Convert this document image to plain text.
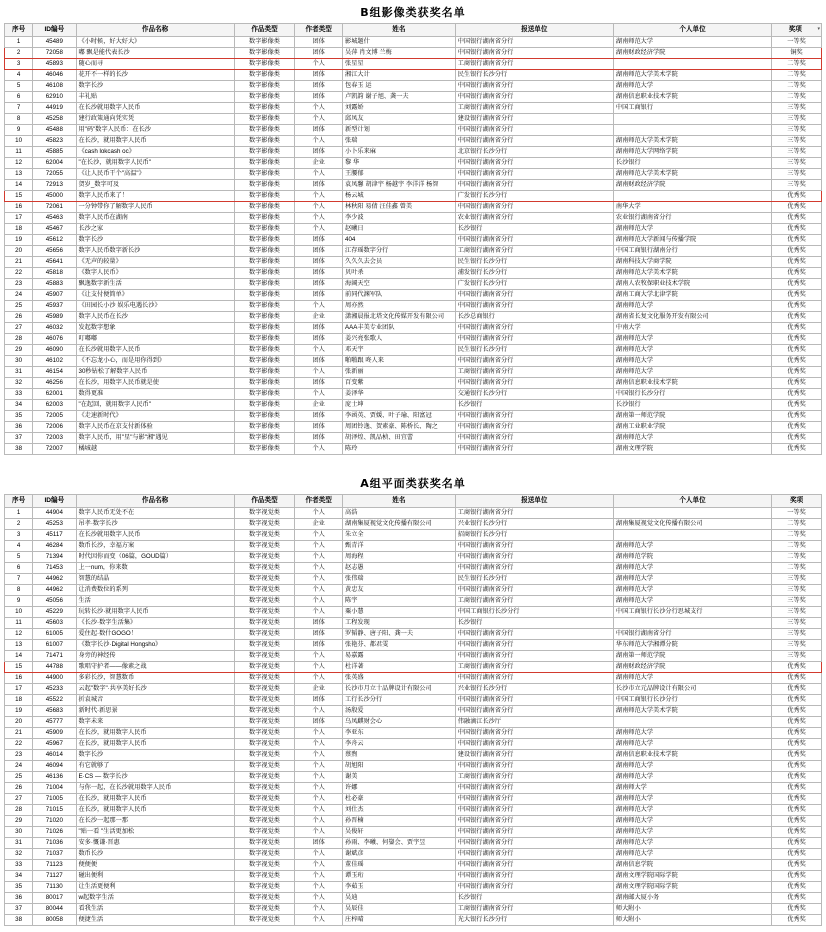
B组影像类获奖名单
序号	ID编号	作品名称	作品类型	作者类型	姓名	报送单位	个人单位	奖项 ▾

1	45489	《小时候，好大好大》	数字影像类	团体	影城题什	中国银行湖南省分行	湖南师范大学	一等奖
2	72058	嘟 飘是能代表长沙	数字影像类	团体	吴萍 肖文博 兰梅	中国银行湖南省分行	湖南财政经济学院	铜奖
3	45893	随心而寻	数字影像类	个人	张星星	工商银行湖南省分行		二等奖
4	46046	花开不一样的长沙	数字影像类	团体	湘江大计	民生银行长沙分行	湖南师范大学美术学院	二等奖
5	46108	数字长沙	数字影像类	团体	包春玉 运	中国银行湖南省分行	湖南师范大学	二等奖
6	62910	丰礼贴	数字影像类	团体	卢凯韵 谢子旭、龚一夫	中国银行湖南省分行	湖南信息职业技术学院	二等奖
7	44919	在长沙就用数字人民币	数字影像类	个人	刘露娇	工商银行湖南省分行	中国工商银行	三等奖
8	45258	建行政策通向凭实凭	数字影像类	个人	邱凤友	建设银行湖南省分行		三等奖
9	45488	用"码"数字人民币：在长沙	数字影像类	团体	新型计划	中国银行湖南省分行		三等奖
10	45823	在长沙，就用数字人民币	数字影像类	个人	张瑞	中国银行湖南省分行	湖南师范大学美术学院	三等奖
11	45885	《cash lokcash oc》	数字影像类	团体	小卜乐来麻	北京银行长沙分行	湖南师范大学网络学院	三等奖
12	62004	"在长沙，就用数字人民币"	数字影像类	企业	黎 华	中国银行湖南省分行	长沙银行	三等奖
13	72055	《让人民币干个"高温"》	数字影像类	个人	王腰郁	中国银行湖南省分行	湖南师范大学美术学院	三等奖
14	72913	贺岁_数字可及	数字影像类	团体	袁凤馨 胡津宇 杨越宇 李洋洋 杨智	中国银行湖南省分行	湖南财政经济学院	三等奖
15	45000	数字人民币来了！	数字影像类	个人	杨云城	广发银行长沙分行		优秀奖
16	72061	一分钟带你了解数字人民币	数字影像类	个人	林秋阳 易倩 汪佳鑫 曾美	中国银行湖南省分行	南华大学	优秀奖
17	45463	数字人民币在湖南	数字影像类	个人	李少波	农业银行湖南省分行	农业银行湖南省分行	优秀奖
18	45467	长沙之家	数字影像类	个人	赵曦日	长沙银行	湖南师范大学	优秀奖
19	45612	数字长沙	数字影像类	团体	404	中国银行湖南省分行	湖南师范大学新闻与传播学院	优秀奖
20	45656	数字人民币数字新长沙	数字影像类	团体	江存瑶数字分行	工商银行湖南省分行	中国工商银行湖南分行	优秀奖
21	45641	《无声的较量》	数字影像类	团体	久久久去会员	民生银行长沙分行	湖南科技大学商学院	优秀奖
22	45818	《数字人民币》	数字影像类	团体	贝叶杀	浦发银行长沙分行	湖南师范大学美术学院	优秀奖
23	45883	飘逸数字新生活	数字影像类	团体	海阔天空	广发银行长沙分行	湖南人农牧保职业技术学院	优秀奖
24	45907	《让支付便简单》	数字影像类	团体	前同代渊军队	中国银行湖南省分行	湖南工商大学北津学院	优秀奖
25	45937	《田园长小沙 娱乐电遇长沙》	数字影像类	个人	周亦然	中国银行湖南省分行	湖南师范大学	优秀奖
26	45989	数字人民币在长沙	数字影像类	企业	潇湘晨报北塔文化传媒开发有限公司	长沙总商银行	湖南省长复文化服务开发有限公司	优秀奖
27	46032	发起数字想象	数字影像类	团体	AAA丰美专业团队	中国银行湖南省分行	中南大学	优秀奖
28	46076	叮嘟嘟	数字影像类	团体	姜兴亮张歌人	中国银行湖南省分行	湖南师范大学	优秀奖
29	46090	在长沙就用数字人民币	数字影像类	个人	邓天宇	民生银行长沙分行	湖南师范大学	优秀奖
30	46102	《不忘龙小心，而是用你得到》	数字影像类	团体	啪啪跟 咚人来	中国银行湖南省分行	湖南师范大学	优秀奖
31	46154	30秒钻松了解数字人民币	数字影像类	个人	张新丽	工商银行湖南省分行	湖南师范大学	优秀奖
32	46256	在长沙，用数字人民币就是使	数字影像类	团体	百变紫	中国银行湖南省分行	湖南信息职业技术学院	优秀奖
33	62001	数得更准	数字影像类	个人	姜泽华	交通银行长沙分行	中国银行长沙分行	优秀奖
34	62003	"在起回，就用数字人民币"	数字影像类	企业	庞士坤	长沙银行	长沙银行	优秀奖
35	72005	《走速新时代》	数字影像类	团体	李函英、贾媛、叶子瑜、阳富冠	中国银行湖南省分行	湖南第一师范学院	优秀奖
36	72006	数字人民币在京支付新体验	数字影像类	团体	周团铃逸、贺素豪、陈桥长、陶之	中国银行湖南省分行	湖南工业职业学院	优秀奖
37	72003	数字人民币，用"星"与影"湘"遇见	数字影像类	团体	胡泽煌、凯品桢、田宜蕾	中国银行湖南省分行	湖南师范大学	优秀奖
38	72007	橘城越	数字影像类	个人	陈玲	中国银行湖南省分行	湖南文理学院	优秀奖
A组平面类获奖名单
序号	ID编号	作品名称	作品类型	作者类型	姓名	报送单位	个人单位	奖项
1	44904	数字人民币无处不在	数字视觉类	个人	高浩	工商银行湖南省分行		一等奖
2	45253	吊孝·数字长沙	数字视觉类	企业	湖南集厦视觉文化传播有限公司	兴业银行长沙分行	湖南集厦视觉文化传播有限公司	二等奖
3	45117	在长沙就用数字人民币	数字视觉类	个人	朱立全	招商银行长沙分行		二等奖
4	46284	数币长沙，幸福方案	数字视觉类	个人	甄青洋	中国银行湖南省分行	湖南师范大学	二等奖
5	71394	时代因你而变（06篇，GOUD篇）	数字视觉类	个人	周海程	中国银行湖南省分行	湖南师范学院	二等奖
6	71453	上一num，你来数	数字视觉类	个人	赵志愚	中国银行湖南省分行	湖南师范大学	二等奖
7	44962	智慧的结晶	数字视觉类	个人	张伟瑞	民生银行长沙分行	湖南师范大学	三等奖
8	44962	让消费数位的系列	数字视觉类	个人	黄忠友	中国银行湖南省分行	湖南师范大学	三等奖
9	45056	生活	数字视觉类	个人	陈宇	工商银行湖南省分行	湖南师范大学	三等奖
10	45229	玩转长沙·就用数字人民币	数字视觉类	个人	粟小慧	中国工商银行长沙分行	中国工商银行长沙分行思城支行	三等奖
11	45603	《长沙·数字生活集》	数字视觉类	团体	工程发现	长沙银行		三等奖
12	61005	爱住起·数什GOGO！	数字视觉类	团体	罗韬静、唐子阳、龚一夫	中国银行湖南省分行	中国银行湖南省分行	三等奖
13	61007	《数字长沙·Digital Hongsho》	数字视觉类	团体	张艳芬、都君雯	中国银行湖南省分行	华东师范大学湘潭分院	三等奖
14	71471	身旁的神经传	数字视觉类	个人	易嘉露	中国银行湖南省分行	湖南第一师范学院	三等奖
15	44788	歌唱守护者——像素之战	数字视觉类	个人	杜洋著	工商银行湖南省分行	湖南财政经济学院	优秀奖
16	44900	多彩长沙，智慧数币	数字视觉类	个人	张英盛	中国银行湖南省分行	湖南师范大学	优秀奖
17	45233	云起"数字"·共享美好长沙	数字视觉类	企业	长沙市月立十品牌设计有限公司	兴业银行长沙分行	长沙市立元品牌设计有限公司	优秀奖
18	45522	折袁城音	数字视觉类	团体	工行长沙分行	中国银行湖南省分行	中国工商银行长沙分行	优秀奖
19	45683	新时代·新思景	数字视觉类	个人	汤殷爱	中国银行湖南省分行	湖南师范大学美术学院	优秀奖
20	45777	数字未来	数字视觉类	团体	乌凤麒财会心	伟融滴江长沙厅		优秀奖
21	45909	在长沙，就用数字人民币	数字视觉类	个人	李亚东	中国银行湖南省分行	湖南师范大学	优秀奖
22	45967	在长沙，就用数字人民币	数字视觉类	个人	李舟云	中国银行湖南省分行	湖南师范大学	优秀奖
23	46014	数字长沙	数字视觉类	个人	蔡煦	建设银行湖南省分行	湖南信息职业技术学院	优秀奖
24	46094	有它就够了	数字视觉类	个人	胡旭阳	中国银行湖南省分行	湖南师范大学	优秀奖
25	46136	E·CS — 数字长沙	数字视觉类	个人	谢美	工商银行湖南省分行	湖南师范大学	优秀奖
26	71004	与你一起，在长沙就用数字人民币	数字视觉类	个人	许娜	中国银行湖南省分行	湖南师大学	优秀奖
27	71005	在长沙，就用数字人民币	数字视觉类	个人	杜必豪	中国银行湖南省分行	湖南师范大学	优秀奖
28	71015	在长沙，就用数字人民币	数字视觉类	个人	刘仕杰	中国银行湖南省分行	湖南师范大学	优秀奖
29	71020	在长沙一起那一那	数字视觉类	个人	孙晋楠	中国银行湖南省分行	湖南师范大学	优秀奖
30	71026	"贴一看 "生活更加松	数字视觉类	个人	吴俊轩	中国银行湖南省分行	湖南师范大学	优秀奖
31	71036	安多·慨谦·晋惠	数字视觉类	团体	孙雨、李曦、何鋆会、贾宇昱	中国银行湖南省分行	湖南师范大学	优秀奖
32	71037	数币长沙	数字视觉类	个人	谢斌彦	中国银行湖南省分行	湖南师范大学	优秀奖
33	71123	便便便	数字视觉类	个人	董佳瑶	中国银行湖南省分行	湖南信息学院	优秀奖
34	71127	碰出便利	数字视觉类	个人	谭玉珩	中国银行湖南省分行	湖南文理学院国际学院	优秀奖
35	71130	让生活更便利	数字视觉类	个人	李茹玉	中国银行湖南省分行	湖南文理学院国际学院	优秀奖
36	80017	w起数字生活	数字视觉类	个人	吴迪	长沙银行	湖南邮大厦小务	优秀奖
37	80044	看我生活	数字视觉类	个人	吴辰佳	工商银行湖南省分行	师大附小	优秀奖
38	80058	便捷生活	数字视觉类	个人	庄梓晴	光大银行长沙分行	师大附小	优秀奖
